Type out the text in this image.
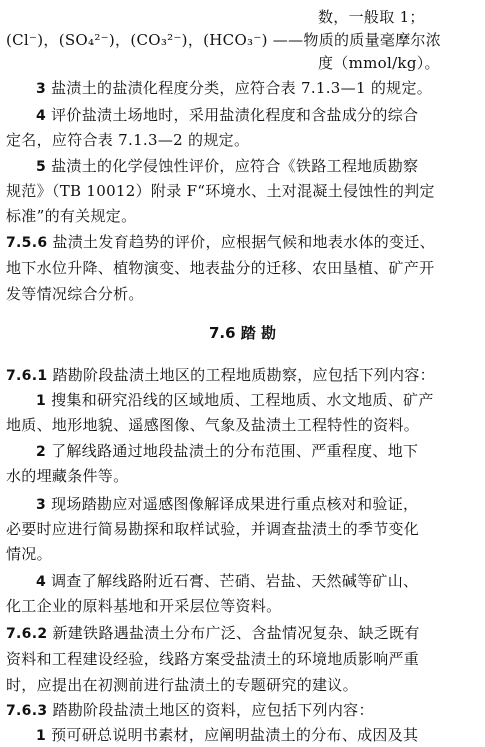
数，一般取 1；
(Cl⁻)，(SO₄²⁻)，(CO₃²⁻)，(HCO₃⁻) ——物质的质量毫摩尔浓
度（mmol/kg）。
3 盐渍土的盐渍化程度分类，应符合表 7.1.3—1 的规定。
4 评价盐渍土场地时，采用盐渍化程度和含盐成分的综合
定名，应符合表 7.1.3—2 的规定。
5 盐渍土的化学侵蚀性评价，应符合《铁路工程地质勘察
规范》（TB 10012）附录 F“环境水、土对混凝土侵蚀性的判定
标准”的有关规定。
7.5.6 盐渍土发育趋势的评价，应根据气候和地表水体的变迁、
地下水位升降、植物演变、地表盐分的迁移、农田垦植、矿产开
发等情况综合分析。
7.6 踏 勘
7.6.1 踏勘阶段盐渍土地区的工程地质勘察，应包括下列内容：
1 搜集和研究沿线的区域地质、工程地质、水文地质、矿产
地质、地形地貌、遥感图像、气象及盐渍土工程特性的资料。
2 了解线路通过地段盐渍土的分布范围、严重程度、地下
水的埋藏条件等。
3 现场踏勘应对遥感图像解译成果进行重点核对和验证，
必要时应进行简易勘探和取样试验，并调查盐渍土的季节变化
情况。
4 调查了解线路附近石膏、芒硝、岩盐、天然碱等矿山、
化工企业的原料基地和开采层位等资料。
7.6.2 新建铁路遇盐渍土分布广泛、含盐情况复杂、缺乏既有
资料和工程建设经验，线路方案受盐渍土的环境地质影响严重
时，应提出在初测前进行盐渍土的专题研究的建议。
7.6.3 踏勘阶段盐渍土地区的资料，应包括下列内容：
1 预可研总说明书素材，应阐明盐渍土的分布、成因及其
